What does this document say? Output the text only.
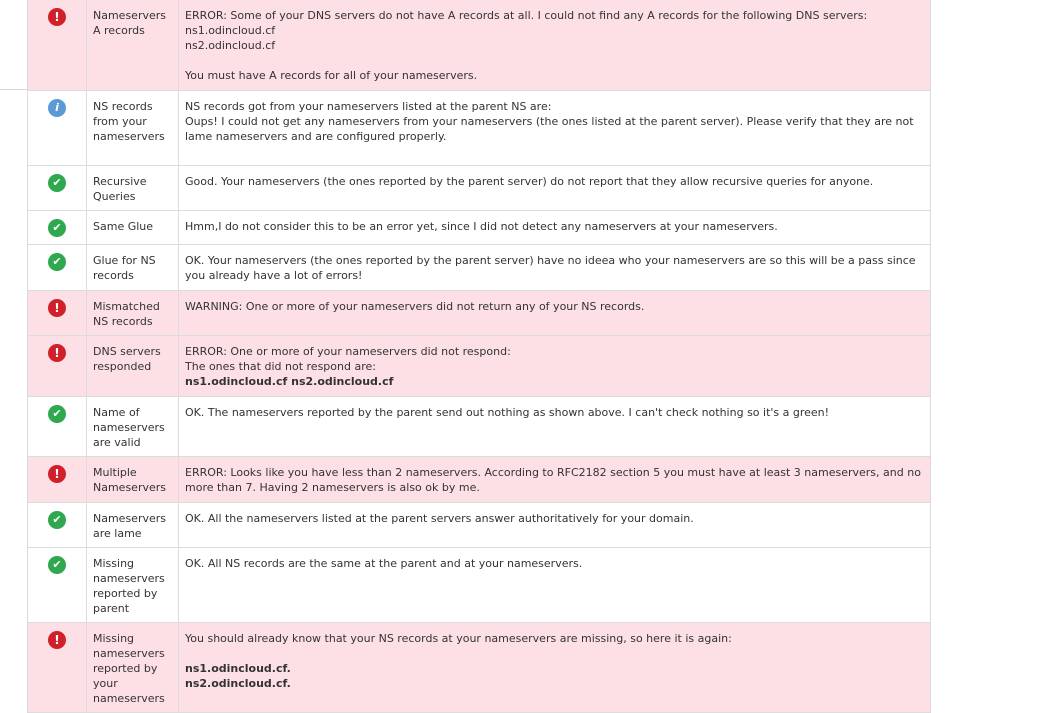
!	Nameservers A records	ERROR: Some of your DNS servers do not have A records at all. I could not find any A records for the following DNS servers:
ns1.odincloud.cf
ns2.odincloud.cf
You must have A records for all of your nameservers.

i	NS records from your nameservers	NS records got from your nameservers listed at the parent NS are:
Oups! I could not get any nameservers from your nameservers (the ones listed at the parent server). Please verify that they are not lame nameservers and are configured properly.

✔	Recursive Queries	Good. Your nameservers (the ones reported by the parent server) do not report that they allow recursive queries for anyone.

✔	Same Glue	Hmm,I do not consider this to be an error yet, since I did not detect any nameservers at your nameservers.

✔	Glue for NS records	OK. Your nameservers (the ones reported by the parent server) have no ideea who your nameservers are so this will be a pass since you already have a lot of errors!

!	Mismatched NS records	WARNING: One or more of your nameservers did not return any of your NS records.

!	DNS servers responded	ERROR: One or more of your nameservers did not respond:
The ones that did not respond are:
ns1.odincloud.cf ns2.odincloud.cf

✔	Name of nameservers are valid	OK. The nameservers reported by the parent send out nothing as shown above. I can't check nothing so it's a green!

!	Multiple Nameservers	ERROR: Looks like you have less than 2 nameservers. According to RFC2182 section 5 you must have at least 3 nameservers, and no more than 7. Having 2 nameservers is also ok by me.

✔	Nameservers are lame	OK. All the nameservers listed at the parent servers answer authoritatively for your domain.

✔	Missing nameservers reported by parent	OK. All NS records are the same at the parent and at your nameservers.

!	Missing nameservers reported by your nameservers	You should already know that your NS records at your nameservers are missing, so here it is again:
ns1.odincloud.cf.
ns2.odincloud.cf.
